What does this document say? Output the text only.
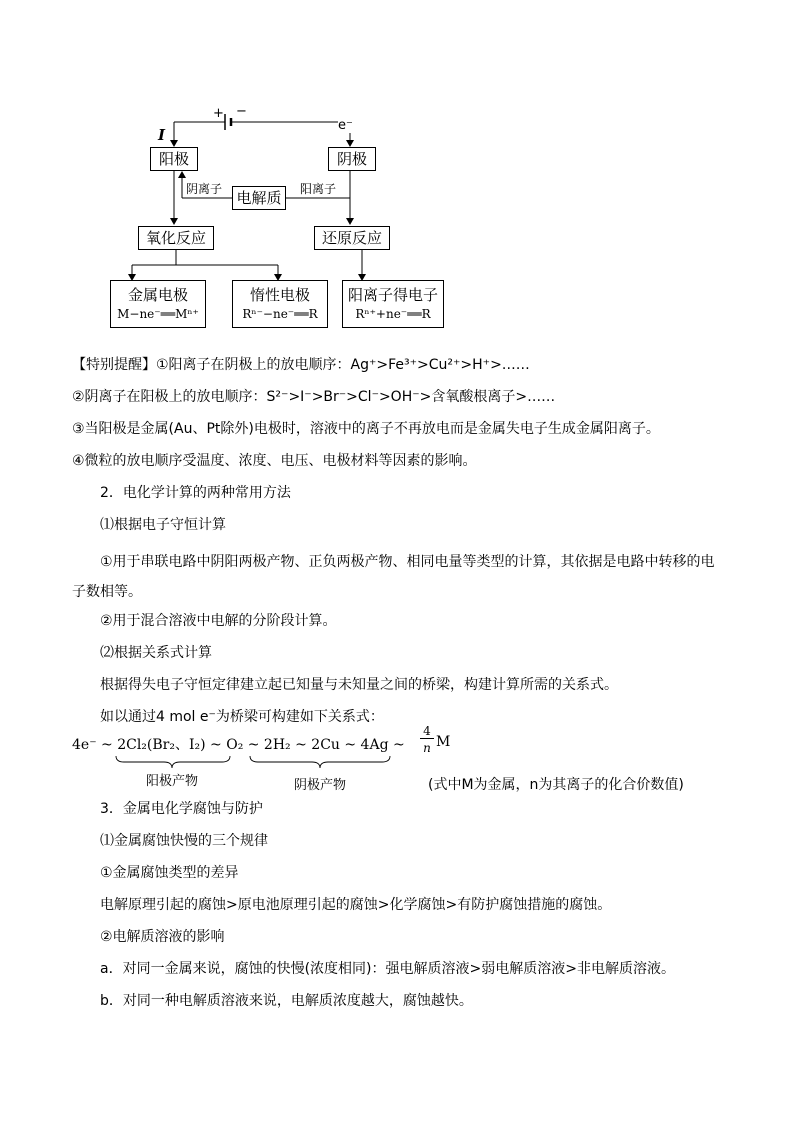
+ −
I
e⁻
阳极	阴极
阴离子	阳离子
电解质
氧化反应	还原反应
金属电极
M−ne⁻══Mⁿ⁺
惰性电极
Rⁿ⁻−ne⁻══R
阳离子得电子
Rⁿ⁺+ne⁻══R
【特别提醒】①阳离子在阴极上的放电顺序：Ag⁺>Fe³⁺>Cu²⁺>H⁺>……
②阴离子在阳极上的放电顺序：S²⁻>I⁻>Br⁻>Cl⁻>OH⁻>含氧酸根离子>……
③当阳极是金属(Au、Pt除外)电极时，溶液中的离子不再放电而是金属失电子生成金属阳离子。
④微粒的放电顺序受温度、浓度、电压、电极材料等因素的影响。
2．电化学计算的两种常用方法
⑴根据电子守恒计算
①用于串联电路中阴阳两极产物、正负两极产物、相同电量等类型的计算，其依据是电路中转移的电子数相等。
②用于混合溶液中电解的分阶段计算。
⑵根据关系式计算
根据得失电子守恒定律建立起已知量与未知量之间的桥梁，构建计算所需的关系式。
如以通过4 mol e⁻为桥梁可构建如下关系式：
4e⁻ ~ 2Cl₂(Br₂、I₂) ~ O₂ ~ 2H₂ ~ 2Cu ~ 4Ag ~
4
n M
阳极产物	阴极产物	(式中M为金属，n为其离子的化合价数值)
3．金属电化学腐蚀与防护
⑴金属腐蚀快慢的三个规律
①金属腐蚀类型的差异
电解原理引起的腐蚀>原电池原理引起的腐蚀>化学腐蚀>有防护腐蚀措施的腐蚀。
②电解质溶液的影响
a．对同一金属来说，腐蚀的快慢(浓度相同)：强电解质溶液>弱电解质溶液>非电解质溶液。
b．对同一种电解质溶液来说，电解质浓度越大，腐蚀越快。
